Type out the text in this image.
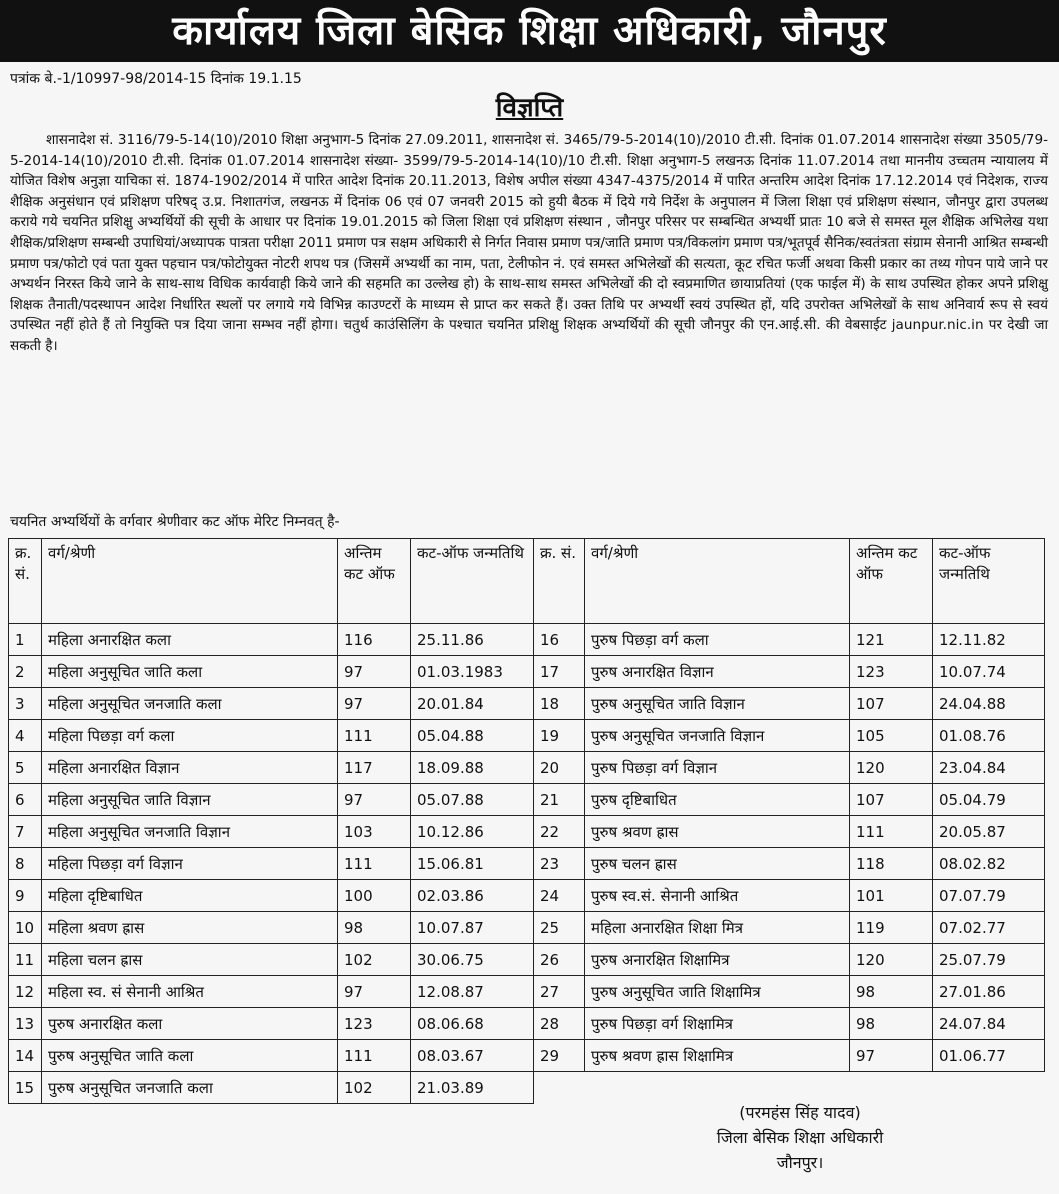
कार्यालय जिला बेसिक शिक्षा अधिकारी, जौनपुर
पत्रांक बे.-1/10997-98/2014-15 दिनांक 19.1.15
विज्ञप्ति
शासनादेश सं. 3116/79-5-14(10)/2010 शिक्षा अनुभाग-5 दिनांक 27.09.2011, शासनादेश सं. 3465/79-5-2014(10)/2010 टी.सी. दिनांक 01.07.2014 शासनादेश संख्या 3505/79-5-2014-14(10)/2010 टी.सी. दिनांक 01.07.2014 शासनादेश संख्या- 3599/79-5-2014-14(10)/10 टी.सी. शिक्षा अनुभाग-5 लखनऊ दिनांक 11.07.2014 तथा माननीय उच्चतम न्यायालय में योजित विशेष अनुज्ञा याचिका सं. 1874-1902/2014 में पारित आदेश दिनांक 20.11.2013, विशेष अपील संख्या 4347-4375/2014 में पारित अन्तरिम आदेश दिनांक 17.12.2014 एवं निदेशक, राज्य शैक्षिक अनुसंधान एवं प्रशिक्षण परिषद् उ.प्र. निशातगंज, लखनऊ में दिनांक 06 एवं 07 जनवरी 2015 को हुयी बैठक में दिये गये निर्देश के अनुपालन में जिला शिक्षा एवं प्रशिक्षण संस्थान, जौनपुर द्वारा उपलब्ध कराये गये चयनित प्रशिक्षु अभ्यर्थियों की सूची के आधार पर दिनांक 19.01.2015 को जिला शिक्षा एवं प्रशिक्षण संस्थान , जौनपुर परिसर पर सम्बन्धित अभ्यर्थी प्रातः 10 बजे से समस्त मूल शैक्षिक अभिलेख यथा शैक्षिक/प्रशिक्षण सम्बन्धी उपाधियां/अध्यापक पात्रता परीक्षा 2011 प्रमाण पत्र सक्षम अधिकारी से निर्गत निवास प्रमाण पत्र/जाति प्रमाण पत्र/विकलांग प्रमाण पत्र/भूतपूर्व सैनिक/स्वतंत्रता संग्राम सेनानी आश्रित सम्बन्धी प्रमाण पत्र/फोटो एवं पता युक्त पहचान पत्र/फोटोयुक्त नोटरी शपथ पत्र (जिसमें अभ्यर्थी का नाम, पता, टेलीफोन नं. एवं समस्त अभिलेखों की सत्यता, कूट रचित फर्जी अथवा किसी प्रकार का तथ्य गोपन पाये जाने पर अभ्यर्थन निरस्त किये जाने के साथ-साथ विधिक कार्यवाही किये जाने की सहमति का उल्लेख हो) के साथ-साथ समस्त अभिलेखों की दो स्वप्रमाणित छायाप्रतियां (एक फाईल में) के साथ उपस्थित होकर अपने प्रशिक्षु शिक्षक तैनाती/पदस्थापन आदेश निर्धारित स्थलों पर लगाये गये विभिन्न काउण्टरों के माध्यम से प्राप्त कर सकते हैं। उक्त तिथि पर अभ्यर्थी स्वयं उपस्थित हों, यदि उपरोक्त अभिलेखों के साथ अनिवार्य रूप से स्वयं उपस्थित नहीं होते हैं तो नियुक्ति पत्र दिया जाना सम्भव नहीं होगा। चतुर्थ काउंसिलिंग के पश्चात चयनित प्रशिक्षु शिक्षक अभ्यर्थियों की सूची जौनपुर की एन.आई.सी. की वेबसाईट jaunpur.nic.in पर देखी जा सकती है।
चयनित अभ्यर्थियों के वर्गवार श्रेणीवार कट ऑफ मेरिट निम्नवत् है-
क्र. सं.	वर्ग/श्रेणी	अन्तिम कट ऑफ	कट-ऑफ जन्मतिथि	क्र. सं.	वर्ग/श्रेणी	अन्तिम कट ऑफ	कट-ऑफ जन्मतिथि
1	महिला अनारक्षित कला	116	25.11.86	16	पुरुष पिछड़ा वर्ग कला	121	12.11.82
2	महिला अनुसूचित जाति कला	97	01.03.1983	17	पुरुष अनारक्षित विज्ञान	123	10.07.74
3	महिला अनुसूचित जनजाति कला	97	20.01.84	18	पुरुष अनुसूचित जाति विज्ञान	107	24.04.88
4	महिला पिछड़ा वर्ग कला	111	05.04.88	19	पुरुष अनुसूचित जनजाति विज्ञान	105	01.08.76
5	महिला अनारक्षित विज्ञान	117	18.09.88	20	पुरुष पिछड़ा वर्ग विज्ञान	120	23.04.84
6	महिला अनुसूचित जाति विज्ञान	97	05.07.88	21	पुरुष दृष्टिबाधित	107	05.04.79
7	महिला अनुसूचित जनजाति विज्ञान	103	10.12.86	22	पुरुष श्रवण ह्रास	111	20.05.87
8	महिला पिछड़ा वर्ग विज्ञान	111	15.06.81	23	पुरुष चलन ह्रास	118	08.02.82
9	महिला दृष्टिबाधित	100	02.03.86	24	पुरुष स्व.सं. सेनानी आश्रित	101	07.07.79
10	महिला श्रवण ह्रास	98	10.07.87	25	महिला अनारक्षित शिक्षा मित्र	119	07.02.77
11	महिला चलन ह्रास	102	30.06.75	26	पुरुष अनारक्षित शिक्षामित्र	120	25.07.79
12	महिला स्व. सं सेनानी आश्रित	97	12.08.87	27	पुरुष अनुसूचित जाति शिक्षामित्र	98	27.01.86
13	पुरुष अनारक्षित कला	123	08.06.68	28	पुरुष पिछड़ा वर्ग शिक्षामित्र	98	24.07.84
14	पुरुष अनुसूचित जाति कला	111	08.03.67	29	पुरुष श्रवण ह्रास शिक्षामित्र	97	01.06.77
15	पुरुष अनुसूचित जनजाति कला	102	21.03.89				
(परमहंस सिंह यादव)
जिला बेसिक शिक्षा अधिकारी
जौनपुर।
